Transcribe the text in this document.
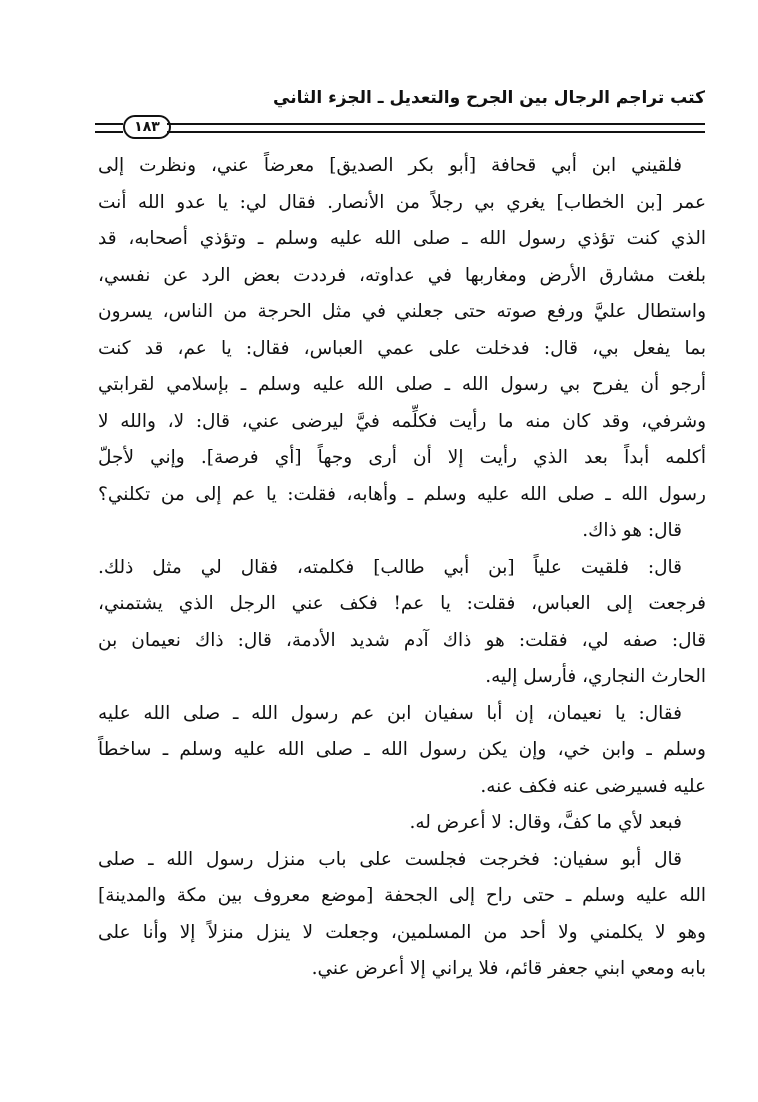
كتب تراجم الرجال بين الجرح والتعديل ـ الجزء الثاني
١٨٣

فلقيني ابن أبي قحافة [أبو بكر الصديق] معرضاً عني، ونظرت إلى
عمر [بن الخطاب] يغري بي رجلاً من الأنصار. فقال لي: يا عدو الله أنت
الذي كنت تؤذي رسول الله ـ صلى الله عليه وسلم ـ وتؤذي أصحابه، قد
بلغت مشارق الأرض ومغاربها في عداوته، فرددت بعض الرد عن نفسي،
واستطال عليَّ ورفع صوته حتى جعلني في مثل الحرجة من الناس، يسرون
بما يفعل بي، قال: فدخلت على عمي العباس، فقال: يا عم، قد كنت
أرجو أن يفرح بي رسول الله ـ صلى الله عليه وسلم ـ بإسلامي لقرابتي
وشرفي، وقد كان منه ما رأيت فكلِّمه فيَّ ليرضى عني، قال: لا، والله لا
أكلمه أبداً بعد الذي رأيت إلا أن أرى وجهاً [أي فرصة]. وإني لأجلّ
رسول الله ـ صلى الله عليه وسلم ـ وأهابه، فقلت: يا عم إلى من تكلني؟
قال: هو ذاك.

قال: فلقيت علياً [بن أبي طالب] فكلمته، فقال لي مثل ذلك.
فرجعت إلى العباس، فقلت: يا عم! فكف عني الرجل الذي يشتمني،
قال: صفه لي، فقلت: هو ذاك آدم شديد الأدمة، قال: ذاك نعيمان بن
الحارث النجاري، فأرسل إليه.

فقال: يا نعيمان، إن أبا سفيان ابن عم رسول الله ـ صلى الله عليه
وسلم ـ وابن خي، وإن يكن رسول الله ـ صلى الله عليه وسلم ـ ساخطاً
عليه فسيرضى عنه فكف عنه.
فبعد لأي ما كفَّ، وقال: لا أعرض له.

قال أبو سفيان: فخرجت فجلست على باب منزل رسول الله ـ صلى
الله عليه وسلم ـ حتى راح إلى الجحفة [موضع معروف بين مكة والمدينة]
وهو لا يكلمني ولا أحد من المسلمين، وجعلت لا ينزل منزلاً إلا وأنا على
بابه ومعي ابني جعفر قائم، فلا يراني إلا أعرض عني.
